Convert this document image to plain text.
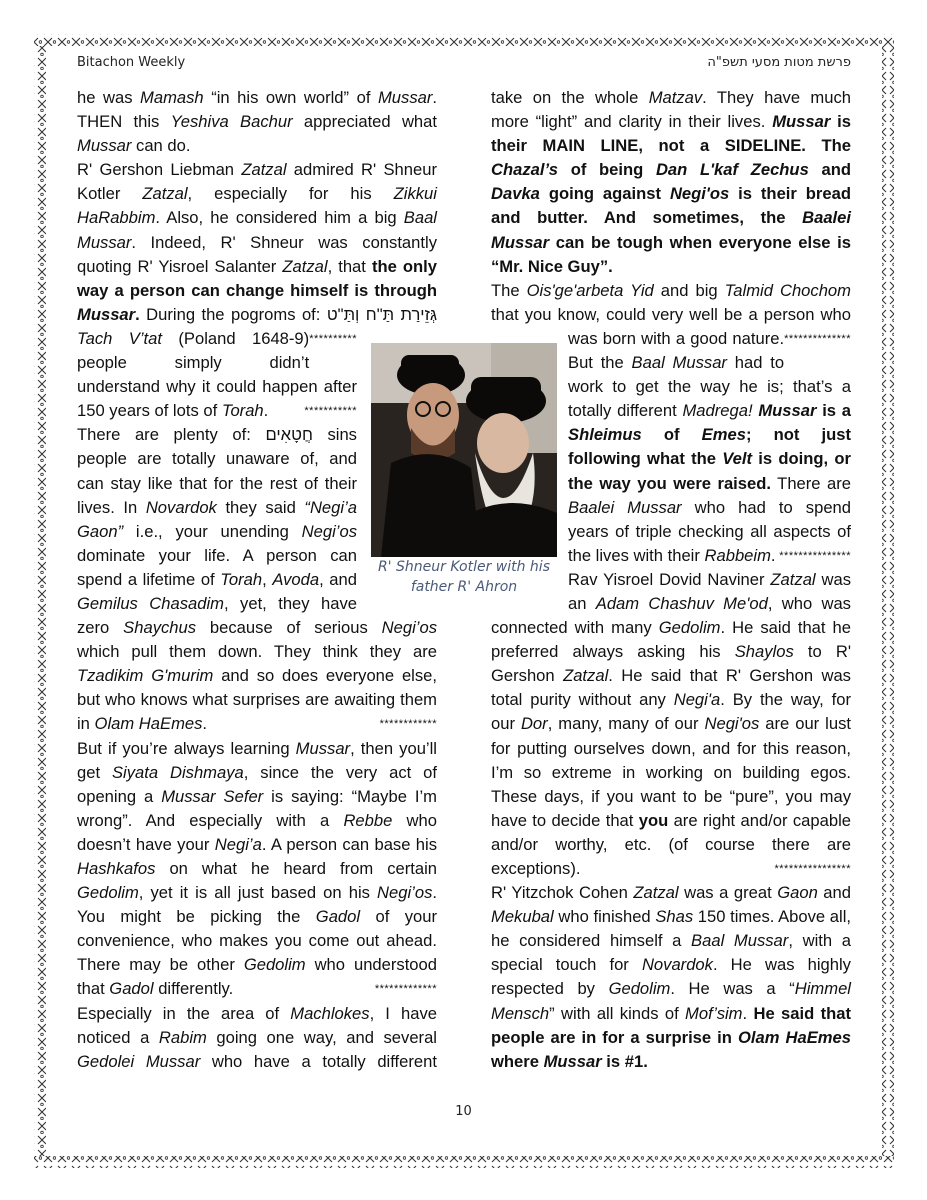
Bitachon Weekly	פרשת מטות מסעי תשפ"ה

he was Mamash “in his own world” of Mussar. THEN this Yeshiva Bachur appreciated what Mussar can do.
**********

R' Gershon Liebman Zatzal admired R' Shneur Kotler Zatzal, especially for his Zikkui HaRabbim. Also, he considered him a big Baal Mussar. Indeed, R' Shneur was constantly quoting R' Yisroel Salanter Zatzal, that the only way a person can change himself is through Mussar. During the pogroms of: גְּזֵירַת תַּ"ח וְתַּ"ט Tach V’tat (Poland 1648-9) people simply didn’t understand why it could happen after 150 years of lots of Torah.	***********

There are plenty of: חֲטָאִים sins people are totally unaware of, and can stay like that for the rest of their lives. In Novardok they said “Negi’a Gaon” i.e., your unending Negi’os dominate your life. A person can spend a lifetime of Torah, Avoda, and Gemilus Chasadim, yet, they have zero Shaychus because of serious Negi’os which pull them down. They think they are Tzadikim G'murim and so does everyone else, but who knows what surprises are awaiting them in Olam HaEmes.	************

But if you’re always learning Mussar, then you’ll get Siyata Dishmaya, since the very act of opening a Mussar Sefer is saying: “Maybe I’m wrong”. And especially with a Rebbe who doesn’t have your Negi’a. A person can base his Hashkafos on what he heard from certain Gedolim, yet it is all just based on his Negi’os. You might be picking the Gadol of your convenience, who makes you come out ahead. There may be other Gedolim who understood that Gadol differently.	*************

Especially in the area of Machlokes, I have noticed a Rabim going one way, and several Gedolei Mussar who have a totally different

take on the whole Matzav. They have much more “light” and clarity in their lives. Mussar is their MAIN LINE, not a SIDELINE. The Chazal’s of being Dan L'kaf Zechus and Davka going against Negi'os is their bread and butter. And sometimes, the Baalei Mussar can be tough when everyone else is “Mr. Nice Guy”.
**************

The Ois'ge'arbeta Yid and big Talmid Chochom that you know, could very well be a person who was born with a good nature. But the Baal Mussar had to work to get the way he is; that’s a totally different Madrega! Mussar is a Shleimus of Emes; not just following what the Velt is doing, or the way you were raised. There are Baalei Mussar who had to spend years of triple checking all aspects of the lives with their Rabbeim. ***************

Rav Yisroel Dovid Naviner Zatzal was an Adam Chashuv Me'od, who was connected with many Gedolim. He said that he preferred always asking his Shaylos to R' Gershon Zatzal. He said that R' Gershon was total purity without any Negi'a. By the way, for our Dor, many, many of our Negi'os are our lust for putting ourselves down, and for this reason, I’m so extreme in working on building egos. These days, if you want to be “pure”, you may have to decide that you are right and/or capable and/or worthy, etc. (of course there are exceptions).	****************

R' Yitzchok Cohen Zatzal was a great Gaon and Mekubal who finished Shas 150 times. Above all, he considered himself a Baal Mussar, with a special touch for Novardok. He was highly respected by Gedolim. He was a “Himmel Mensch” with all kinds of Mof’sim. He said that people are in for a surprise in Olam HaEmes where Mussar is #1.

R' Shneur Kotler with his
father R' Ahron
10
